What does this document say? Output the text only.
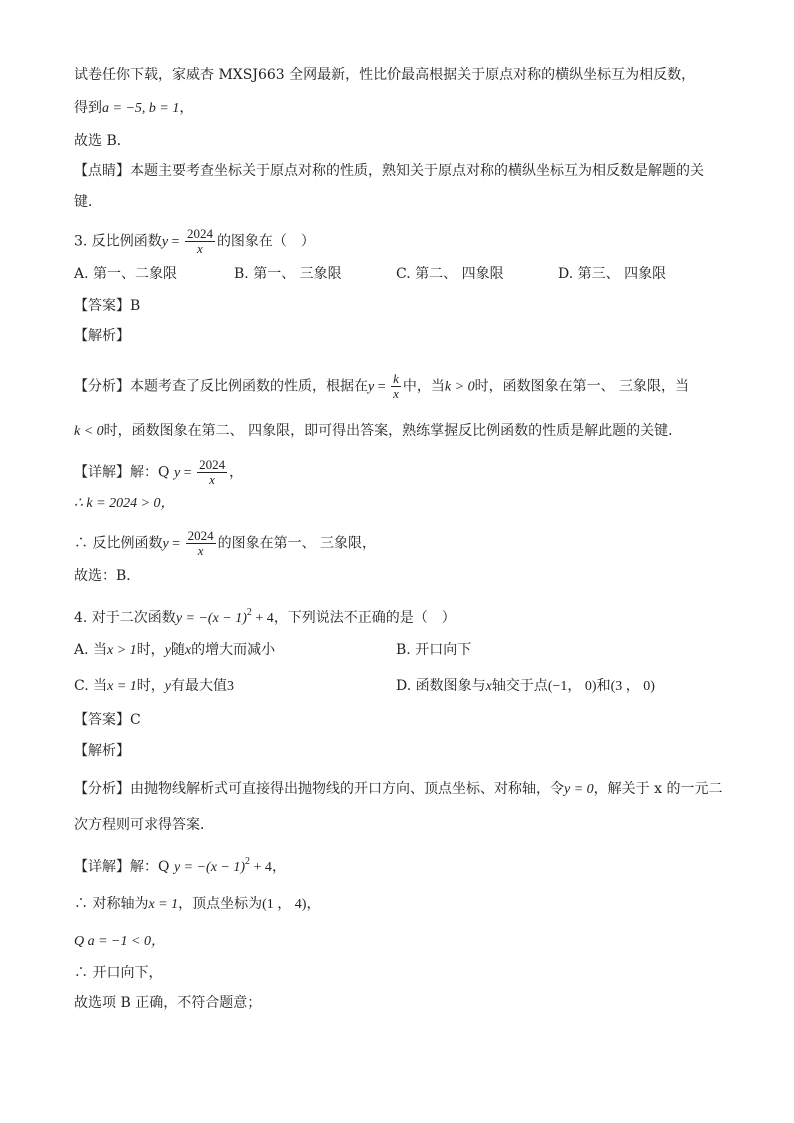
试卷任你下载，家威杏 MXSJ663 全网最新，性比价最高根据关于原点对称的横纵坐标互为相反数，
得到a = −5, b = 1，
故选 B．
【点睛】本题主要考查坐标关于原点对称的性质，熟知关于原点对称的横纵坐标互为相反数是解题的关
键．
3. 反比例函数$y = \frac{2024}{x}$ 的图象在（　）
A. 第一、二象限	B. 第一、 三象限	C. 第二、 四象限	D. 第三、 四象限
【答案】B
【解析】
【分析】本题考查了反比例函数的性质，根据在$y = \frac{k}{x}$ 中，当k > 0时，函数图象在第一、 三象限，当
k < 0时，函数图象在第二、 四象限，即可得出答案，熟练掌握反比例函数的性质是解此题的关键．
【详解】解：Q $y = \frac{2024}{x}$ ，
∴ k = 2024 > 0，
∴ 反比例函数$y = \frac{2024}{x}$ 的图象在第一、 三象限，
故选：B．
4. 对于二次函数$y = -(x - 1)^2 + 4$，下列说法不正确的是（　）
A. 当x > 1时，y随x的增大而减小	B. 开口向下
C. 当x = 1时，y有最大值3	D. 函数图象与x轴交于点(−1， 0)和(3 ， 0)
【答案】C
【解析】
【分析】由抛物线解析式可直接得出抛物线的开口方向、顶点坐标、对称轴，令y = 0，解关于 x 的一元二
次方程则可求得答案．
【详解】解：Q $y = -(x - 1)^2 + 4$，
∴ 对称轴为x = 1，顶点坐标为(1 ， 4)，
Q a = −1 < 0，
∴ 开口向下，
故选项 B 正确，不符合题意；
